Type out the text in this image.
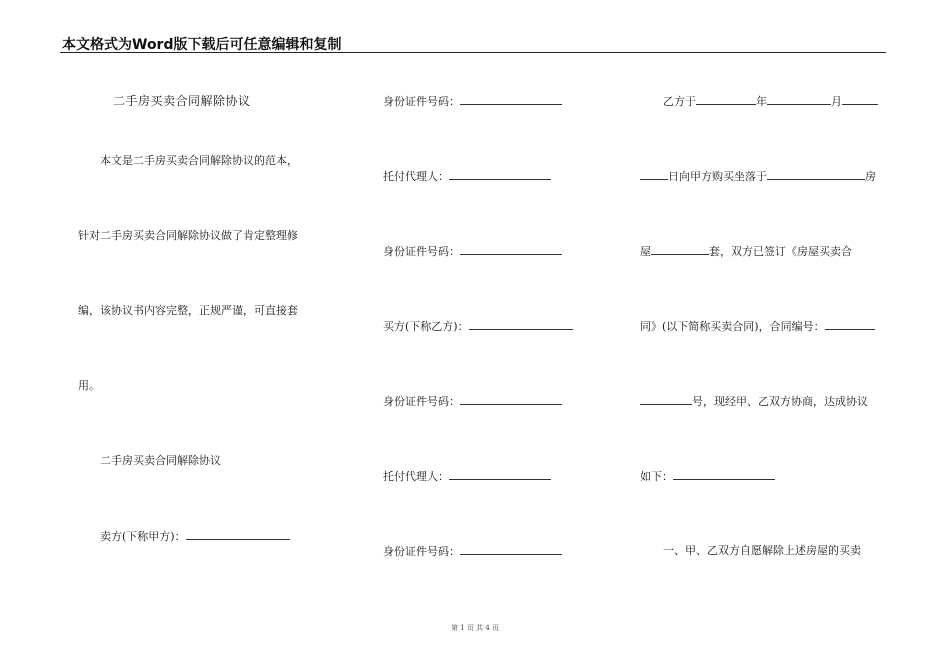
本文格式为Word版下载后可任意编辑和复制
二手房买卖合同解除协议
本文是二手房买卖合同解除协议的范本，
针对二手房买卖合同解除协议做了肯定整理修
编，该协议书内容完整，正规严谨，可直接套
用。
二手房买卖合同解除协议
卖方(下称甲方)：
身份证件号码：
托付代理人：
身份证件号码：
买方(下称乙方)：
身份证件号码：
托付代理人：
身份证件号码：
乙方于	年	月
日向甲方购买坐落于	房
屋	套，双方已签订《房屋买卖合
同》(以下简称买卖合同)，合同编号：
号，现经甲、乙双方协商，达成协议
如下：
一、甲、乙双方自愿解除上述房屋的买卖
第 1 页 共 4 页
